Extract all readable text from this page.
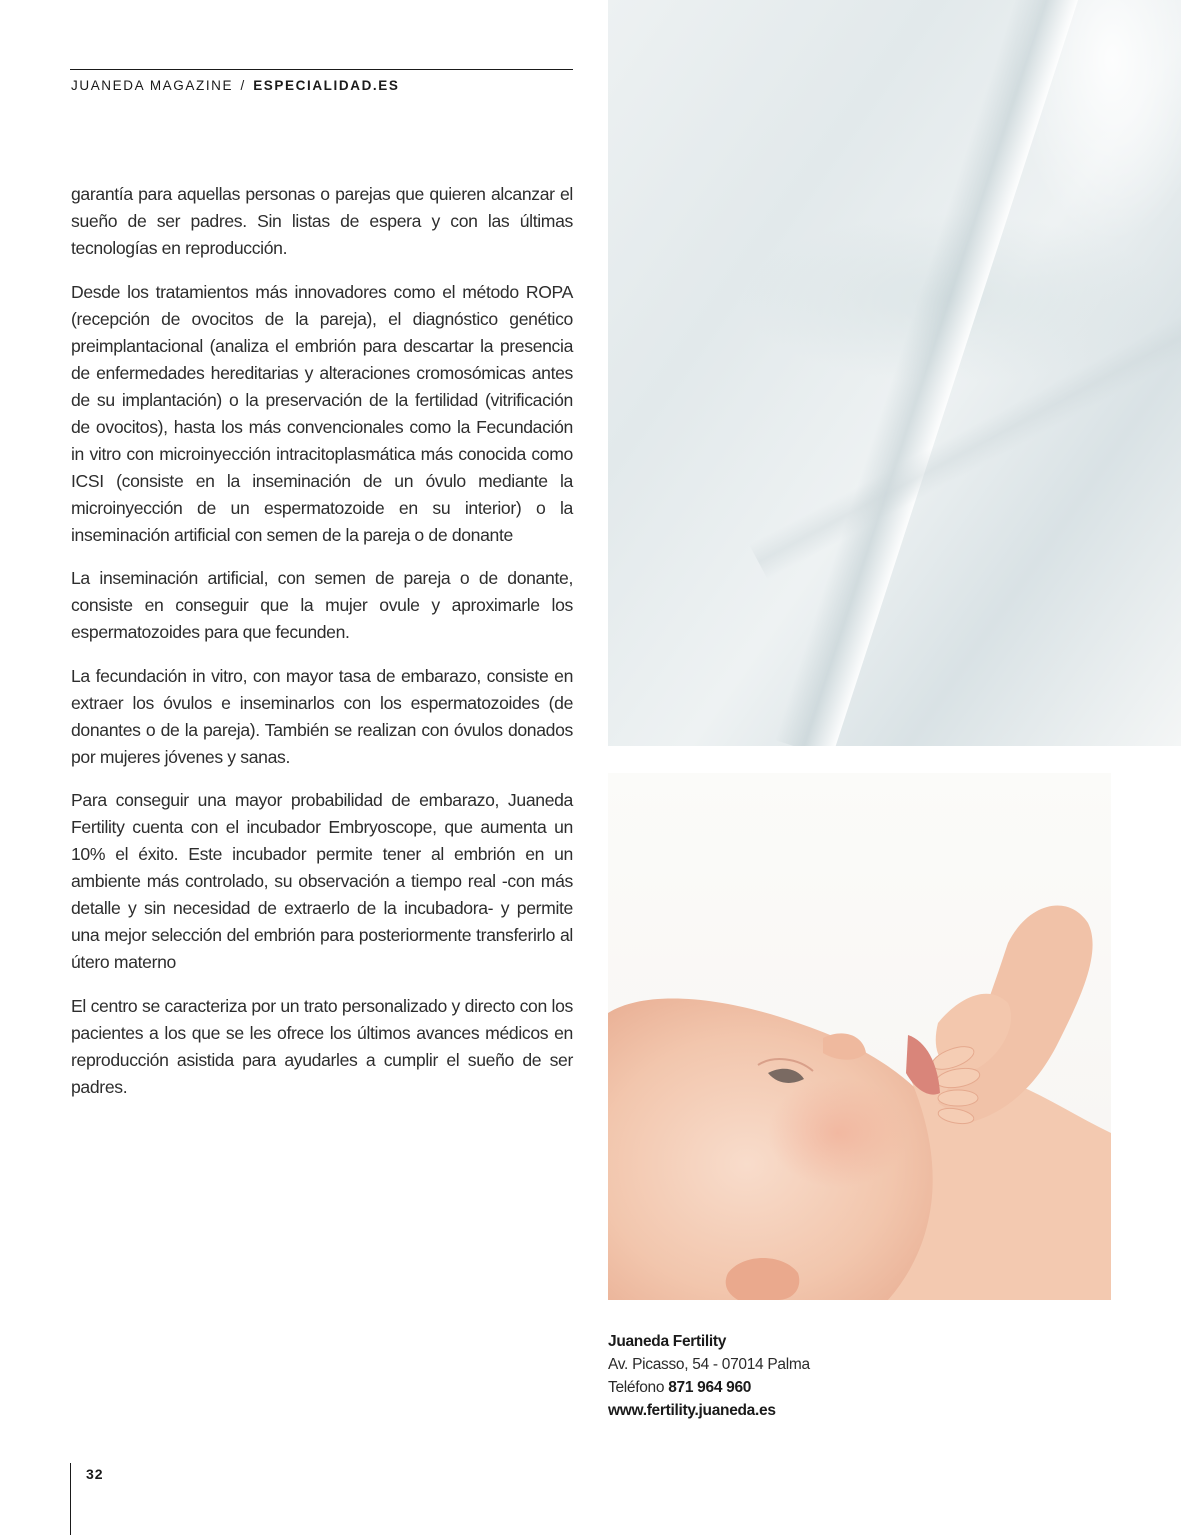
JUANEDA MAGAZINE / ESPECIALIDAD.ES

garantía para aquellas personas o parejas que quieren alcanzar el sueño de ser padres. Sin listas de espera y con las últimas tecnologías en reproducción.

Desde los tratamientos más innovadores como el método ROPA (recepción de ovocitos de la pareja), el diagnóstico genético preimplantacional (analiza el embrión para descartar la presencia de enfermedades hereditarias y alteraciones cromosómicas antes de su implantación) o la preservación de la fertilidad (vitrificación de ovocitos), hasta los más convencionales como la Fecundación in vitro con microinyección intracitoplasmática más conocida como ICSI (consiste en la inseminación de un óvulo mediante la microinyección de un espermatozoide en su interior) o la inseminación artificial con semen de la pareja o de donante

La inseminación artificial, con semen de pareja o de donante, consiste en conseguir que la mujer ovule y aproximarle los espermatozoides para que fecunden.

La fecundación in vitro, con mayor tasa de embarazo, consiste en extraer los óvulos e inseminarlos con los espermatozoides (de donantes o de la pareja). También se realizan con óvulos donados por mujeres jóvenes y sanas.

Para conseguir una mayor probabilidad de embarazo, Juaneda Fertility cuenta con el incubador Embryoscope, que aumenta un 10% el éxito. Este incubador permite tener al embrión en un ambiente más controlado, su observación a tiempo real -con más detalle y sin necesidad de extraerlo de la incubadora- y permite una mejor selección del embrión para posteriormente transferirlo al útero materno

El centro se caracteriza por un trato personalizado y directo con los pacientes a los que se les ofrece los últimos avances médicos en reproducción asistida para ayudarles a cumplir el sueño de ser padres.

Juaneda Fertility
Av. Picasso, 54 - 07014 Palma
Teléfono 871 964 960
www.fertility.juaneda.es
32
